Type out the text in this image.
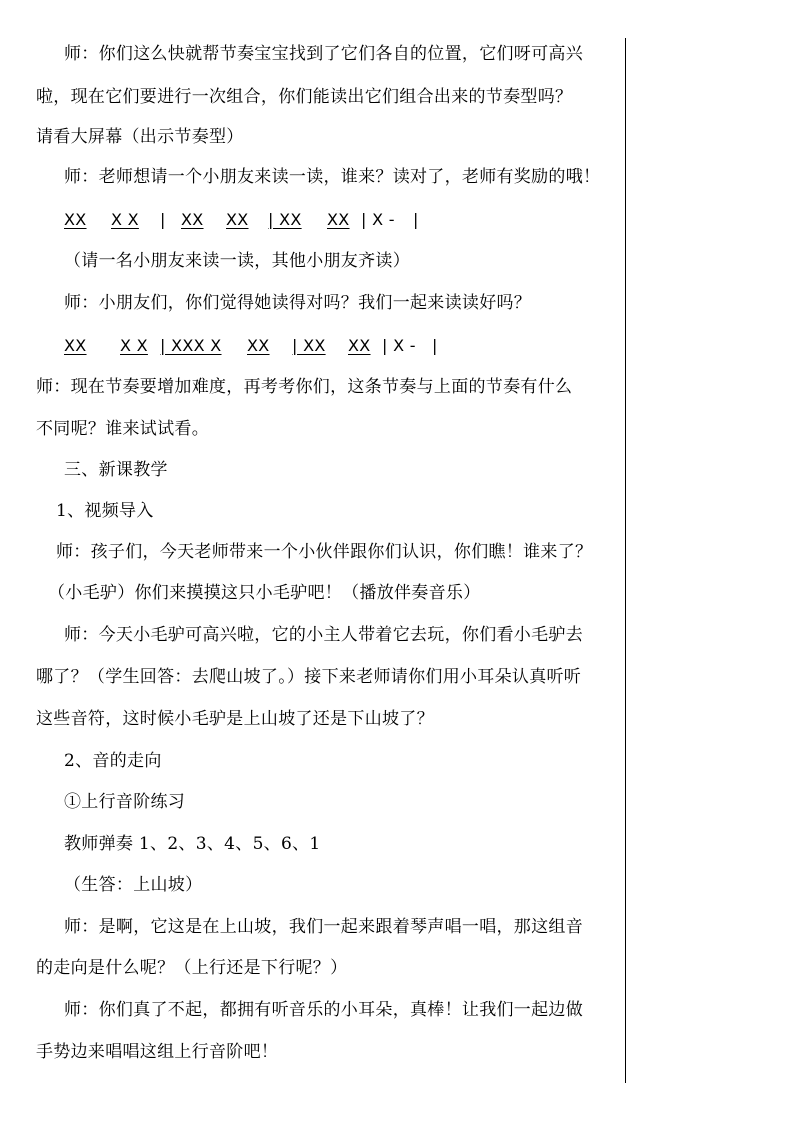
师：你们这么快就帮节奏宝宝找到了它们各自的位置，它们呀可高兴
啦，现在它们要进行一次组合，你们能读出它们组合出来的节奏型吗？
请看大屏幕（出示节奏型）
师：老师想请一个小朋友来读一读，谁来？读对了，老师有奖励的哦！
XX X X | XX XX | XX XX | X - |
（请一名小朋友来读一读，其他小朋友齐读）
师：小朋友们，你们觉得她读得对吗？我们一起来读读好吗？
XX X X | XXX X XX | XX XX | X - |
师：现在节奏要增加难度，再考考你们，这条节奏与上面的节奏有什么
不同呢？谁来试试看。
三、新课教学
1、视频导入
师：孩子们，今天老师带来一个小伙伴跟你们认识，你们瞧！谁来了？
（小毛驴）你们来摸摸这只小毛驴吧！（播放伴奏音乐）
师：今天小毛驴可高兴啦，它的小主人带着它去玩，你们看小毛驴去
哪了？（学生回答：去爬山坡了。）接下来老师请你们用小耳朵认真听听
这些音符，这时候小毛驴是上山坡了还是下山坡了？
2、音的走向
①上行音阶练习
教师弹奏 1、2、3、4、5、6、1
（生答：上山坡）
师：是啊，它这是在上山坡，我们一起来跟着琴声唱一唱，那这组音
的走向是什么呢？（上行还是下行呢？）
师：你们真了不起，都拥有听音乐的小耳朵，真棒！让我们一起边做
手势边来唱唱这组上行音阶吧！
